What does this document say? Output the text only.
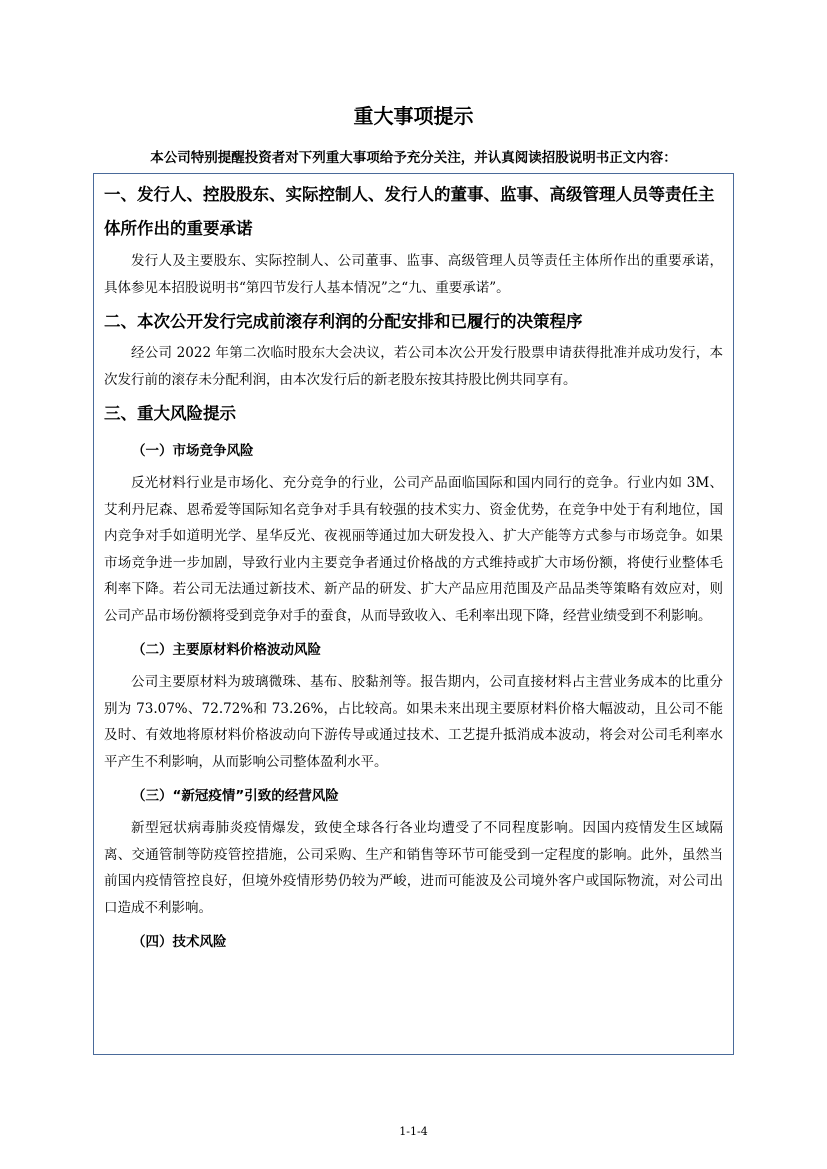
重大事项提示
本公司特别提醒投资者对下列重大事项给予充分关注，并认真阅读招股说明书正文内容：
一、发行人、控股股东、实际控制人、发行人的董事、监事、高级管理人员等责任主体所作出的重要承诺

发行人及主要股东、实际控制人、公司董事、监事、高级管理人员等责任主体所作出的重要承诺，具体参见本招股说明书“第四节发行人基本情况”之“九、重要承诺”。

二、本次公开发行完成前滚存利润的分配安排和已履行的决策程序

经公司 2022 年第二次临时股东大会决议，若公司本次公开发行股票申请获得批准并成功发行，本次发行前的滚存未分配利润，由本次发行后的新老股东按其持股比例共同享有。

三、重大风险提示
（一）市场竞争风险

反光材料行业是市场化、充分竞争的行业，公司产品面临国际和国内同行的竞争。行业内如 3M、艾利丹尼森、恩希爱等国际知名竞争对手具有较强的技术实力、资金优势，在竞争中处于有利地位，国内竞争对手如道明光学、星华反光、夜视丽等通过加大研发投入、扩大产能等方式参与市场竞争。如果市场竞争进一步加剧，导致行业内主要竞争者通过价格战的方式维持或扩大市场份额，将使行业整体毛利率下降。若公司无法通过新技术、新产品的研发、扩大产品应用范围及产品品类等策略有效应对，则公司产品市场份额将受到竞争对手的蚕食，从而导致收入、毛利率出现下降，经营业绩受到不利影响。

（二）主要原材料价格波动风险

公司主要原材料为玻璃微珠、基布、胶黏剂等。报告期内，公司直接材料占主营业务成本的比重分别为 73.07%、72.72%和 73.26%，占比较高。如果未来出现主要原材料价格大幅波动，且公司不能及时、有效地将原材料价格波动向下游传导或通过技术、工艺提升抵消成本波动，将会对公司毛利率水平产生不利影响，从而影响公司整体盈利水平。

（三）“新冠疫情”引致的经营风险

新型冠状病毒肺炎疫情爆发，致使全球各行各业均遭受了不同程度影响。因国内疫情发生区域隔离、交通管制等防疫管控措施，公司采购、生产和销售等环节可能受到一定程度的影响。此外，虽然当前国内疫情管控良好，但境外疫情形势仍较为严峻，进而可能波及公司境外客户或国际物流，对公司出口造成不利影响。

（四）技术风险
1-1-4
